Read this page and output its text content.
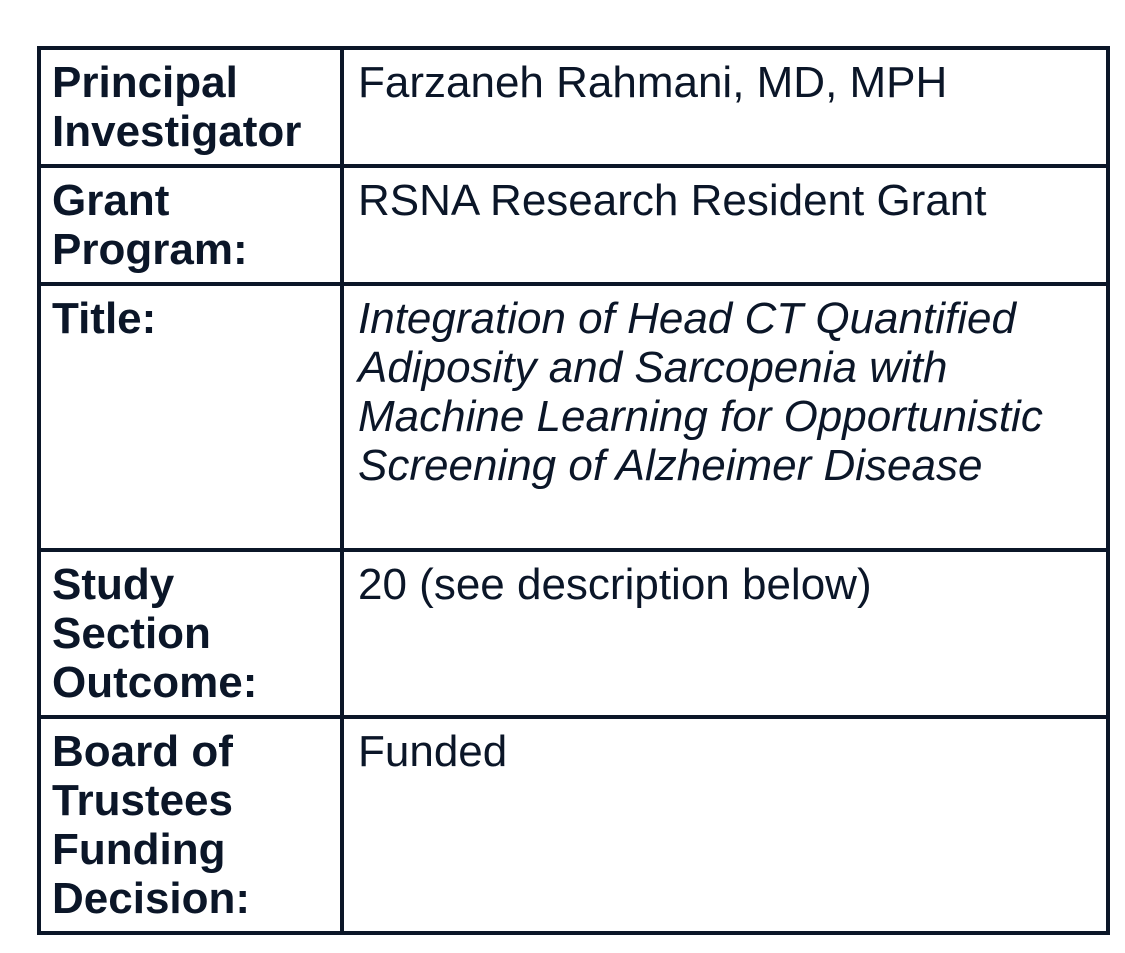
Principal Investigator	Farzaneh Rahmani, MD, MPH
Grant Program:	RSNA Research Resident Grant
Title:	Integration of Head CT Quantified Adiposity and Sarcopenia with Machine Learning for Opportunistic Screening of Alzheimer Disease
Study Section Outcome:	20 (see description below)
Board of Trustees Funding Decision:	Funded
